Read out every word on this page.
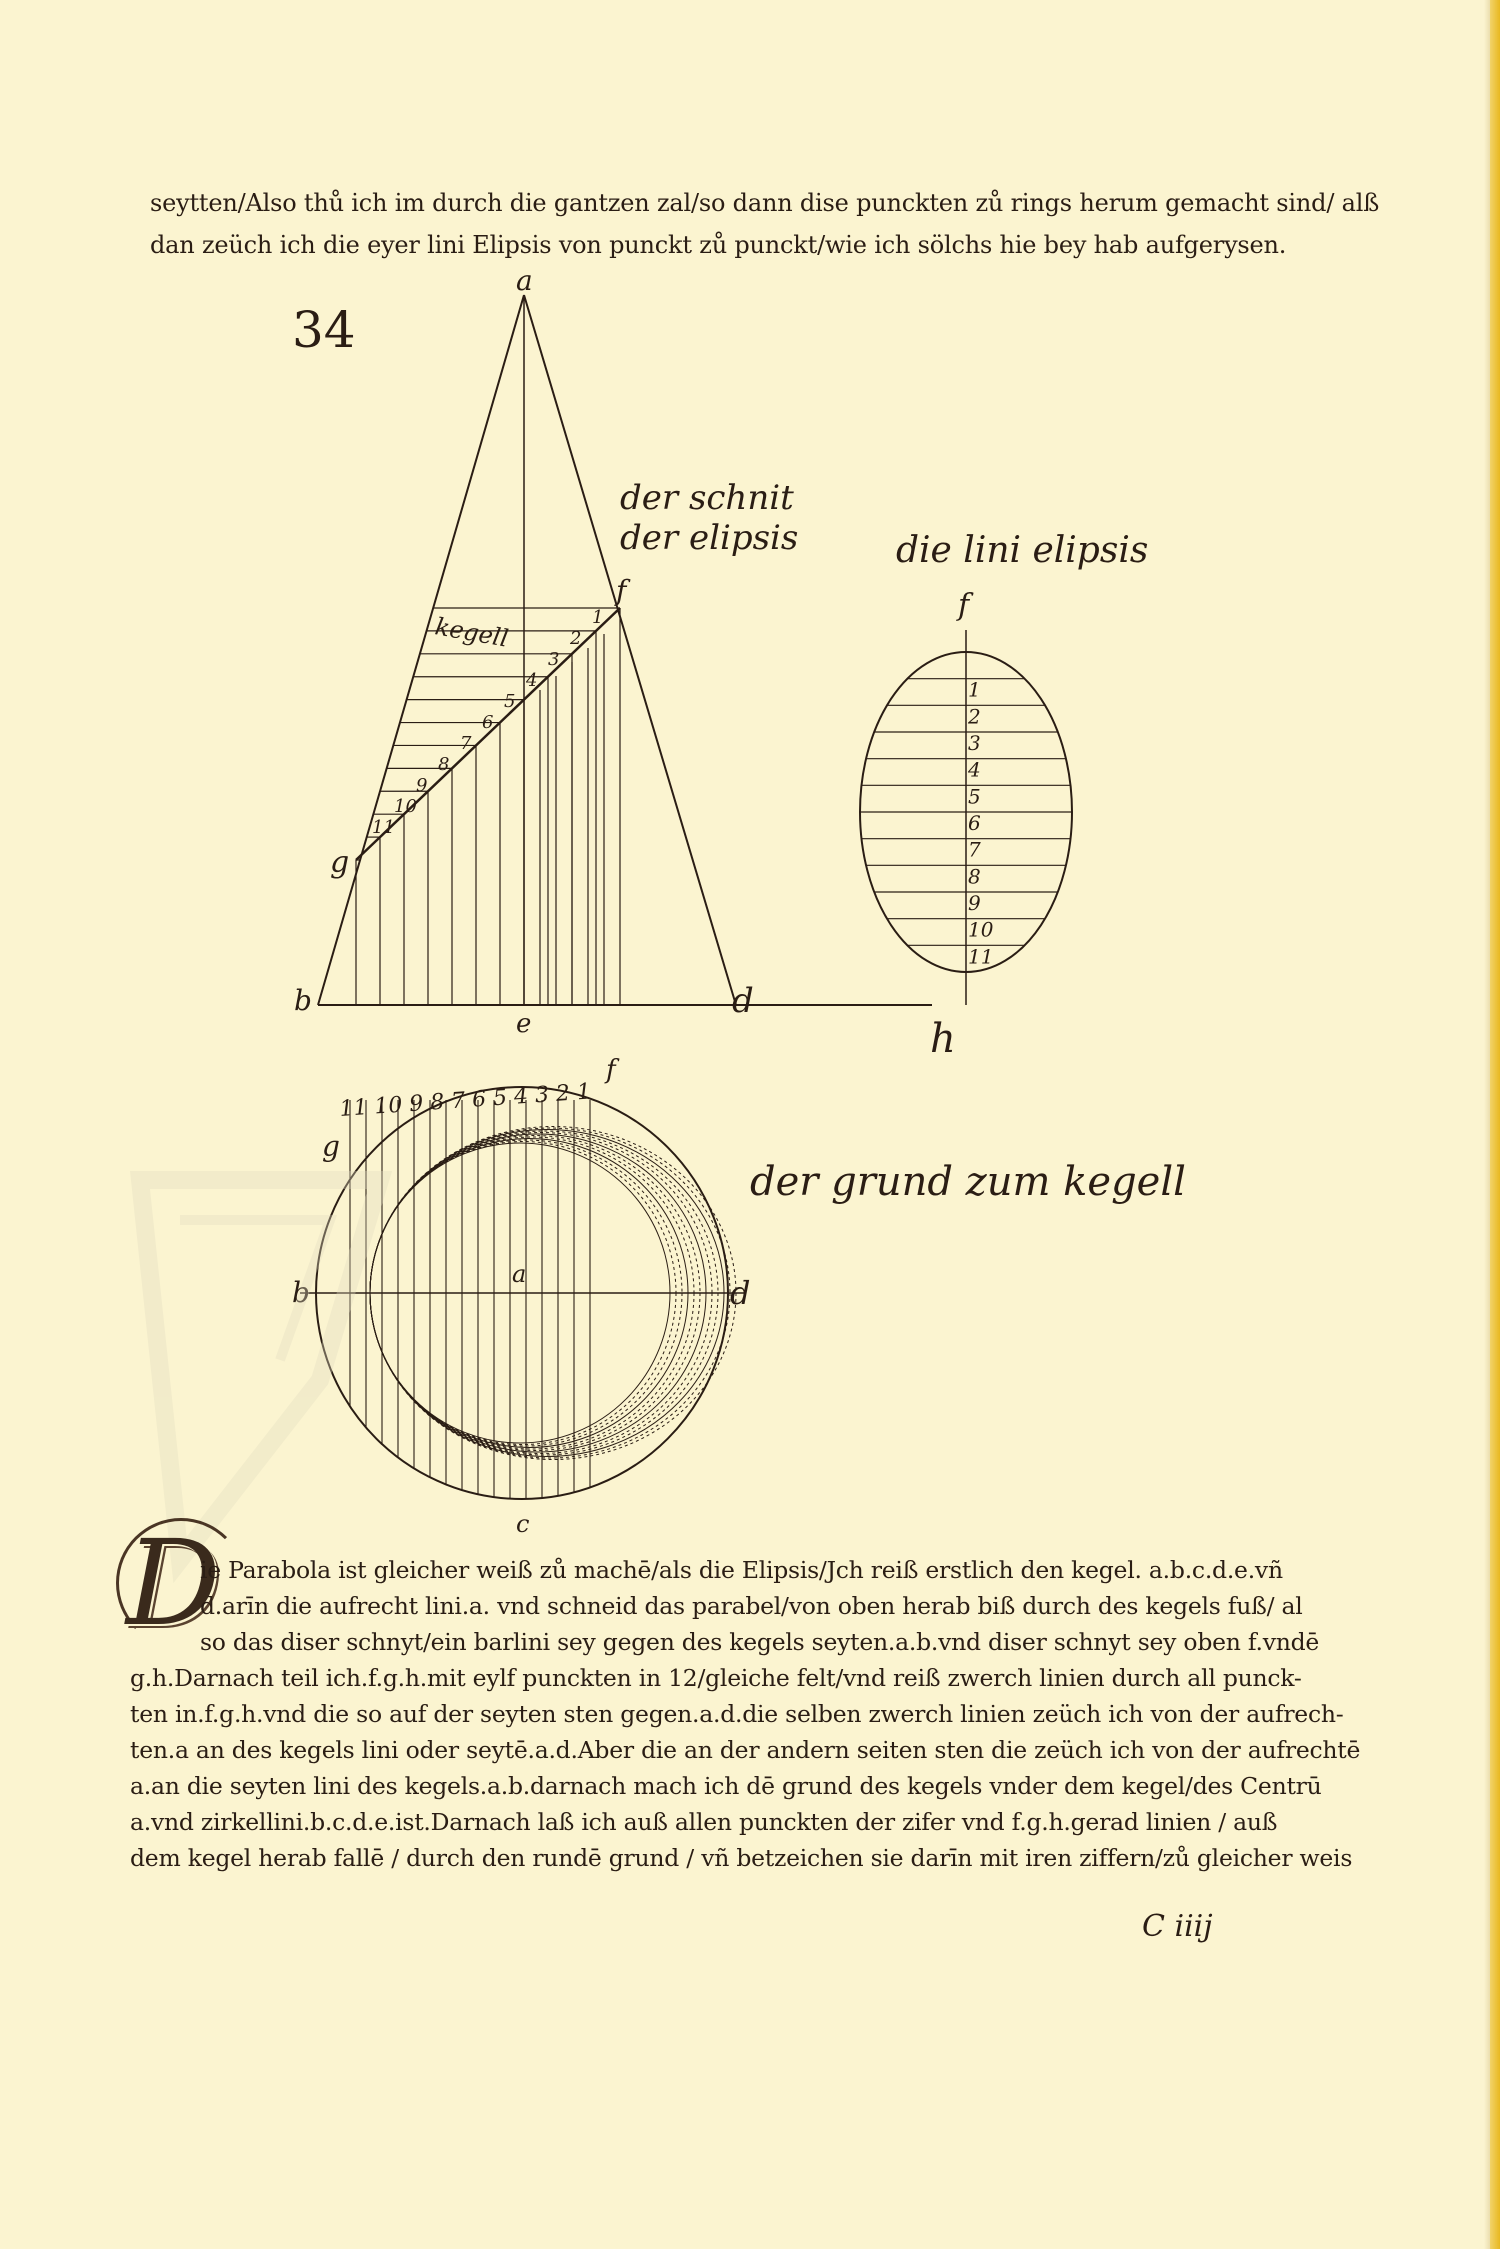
seytten/Also thů ich im durch die gantzen zal/so dann dise punckten zů rings herum gemacht sind/ alß
dan zeüch ich die eyer lini Elipsis von punckt zů punckt/wie ich sölchs hie bey hab aufgerysen.
34
der schnit der elipsis	die lini elipsis
der grund zum kegell
a
b	d
e
f
g
kegell
f
h
f
g
b	d
a
c
11 10 9 8 7 6 5 4 3 2 1
1
2
3
4
5
6
7
8
9
10
11
11
10
9
8
7
6
5
4
3
2
1
D
ie Parabola ist gleicher weiß zů machē/als die Elipsis/Jch reiß erstlich den kegel. a.b.c.d.e.vñ
d.arīn die aufrecht lini.a. vnd schneid das parabel/von oben herab biß durch des kegels fuß/ al
so das diser schnyt/ein barlini sey gegen des kegels seyten.a.b.vnd diser schnyt sey oben f.vndē
g.h.Darnach teil ich.f.g.h.mit eylf punckten in 12/gleiche felt/vnd reiß zwerch linien durch all punck-
ten in.f.g.h.vnd die so auf der seyten sten gegen.a.d.die selben zwerch linien zeüch ich von der aufrech-
ten.a an des kegels lini oder seytē.a.d.Aber die an der andern seiten sten die zeüch ich von der aufrechtē
a.an die seyten lini des kegels.a.b.darnach mach ich dē grund des kegels vnder dem kegel/des Centrū
a.vnd zirkellini.b.c.d.e.ist.Darnach laß ich auß allen punckten der zifer vnd f.g.h.gerad linien / auß
dem kegel herab fallē / durch den rundē grund / vñ betzeichen sie darīn mit iren ziffern/zů gleicher weis
C iiij
